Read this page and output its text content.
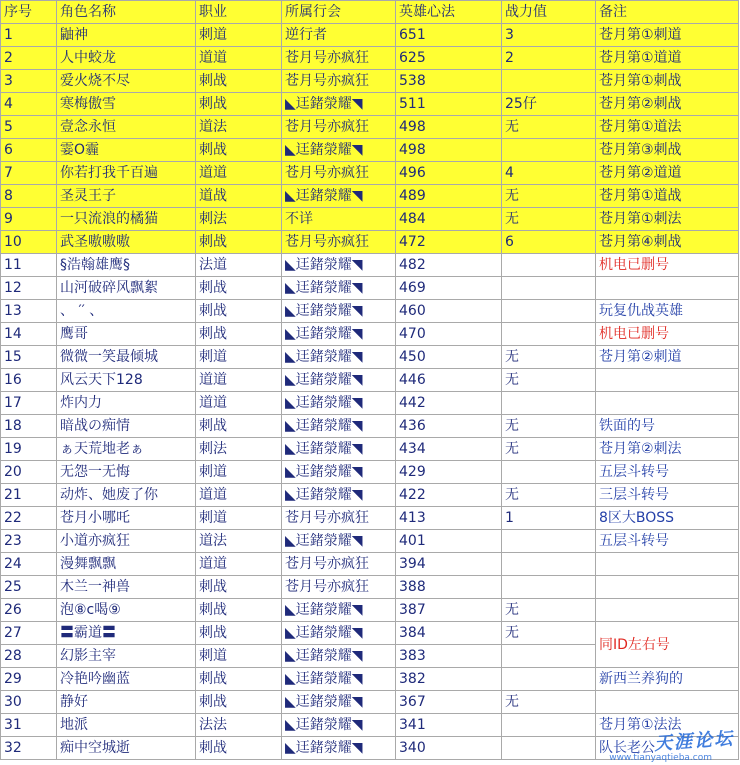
序号	角色名称	职业	所属行会	英雄心法	战力值	备注
1	鼬神	刺道	逆行者	651	3	苍月第①刺道
2	人中蛟龙	道道	苍月号亦疯狂	625	2	苍月第①道道
3	爱火烧不尽	刺战	苍月号亦疯狂	538		苍月第①刺战
4	寒梅傲雪	刺战	◣迋鍺滎耀◥	511	25仔	苍月第②刺战
5	壹念永恒	道法	苍月号亦疯狂	498	无	苍月第①道法
6	霎O霾	刺战	◣迋鍺滎耀◥	498		苍月第③刺战
7	你若打我千百遍	道道	苍月号亦疯狂	496	4	苍月第②道道
8	圣灵王子	道战	◣迋鍺滎耀◥	489	无	苍月第①道战
9	一只流浪的橘猫	刺法	不详	484	无	苍月第①刺法
10	武圣嗷嗷嗷	刺战	苍月号亦疯狂	472	6	苍月第④刺战
11	§浩翰雄鹰§	法道	◣迋鍺滎耀◥	482		机电已删号
12	山河破碎风飘絮	刺战	◣迋鍺滎耀◥	469		
13	、 ′′ 、	刺战	◣迋鍺滎耀◥	460		玩复仇战英雄
14	鹰哥	刺战	◣迋鍺滎耀◥	470		机电已删号
15	微微一笑最倾城	刺道	◣迋鍺滎耀◥	450	无	苍月第②刺道
16	风云天下128	道道	◣迋鍺滎耀◥	446	无	
17	炸内力	道道	◣迋鍺滎耀◥	442		
18	暗战の痴情	刺战	◣迋鍺滎耀◥	436	无	铁面的号
19	ぁ天荒地老ぁ	刺法	◣迋鍺滎耀◥	434	无	苍月第②刺法
20	无怨一无悔	刺道	◣迋鍺滎耀◥	429		五层斗转号
21	动炸、她废了你	道道	◣迋鍺滎耀◥	422	无	三层斗转号
22	苍月小哪吒	刺道	苍月号亦疯狂	413	1	8区大BOSS
23	小道亦疯狂	道法	◣迋鍺滎耀◥	401		五层斗转号
24	漫舞飘飘	道道	苍月号亦疯狂	394		
25	木兰一神兽	刺战	苍月号亦疯狂	388		
26	泡⑧c喝⑨	刺战	◣迋鍺滎耀◥	387	无	
27	〓霸道〓	刺战	◣迋鍺滎耀◥	384	无	同ID左右号
28	幻影主宰	刺道	◣迋鍺滎耀◥	383		
29	冷艳吟幽蓝	刺战	◣迋鍺滎耀◥	382		新西兰养狗的
30	静好	刺战	◣迋鍺滎耀◥	367	无	
31	地派	法法	◣迋鍺滎耀◥	341		苍月第①法法
32	痴中空城逝	刺战	◣迋鍺滎耀◥	340		队长老公
天涯论坛
www.tianyaqtieba.com
